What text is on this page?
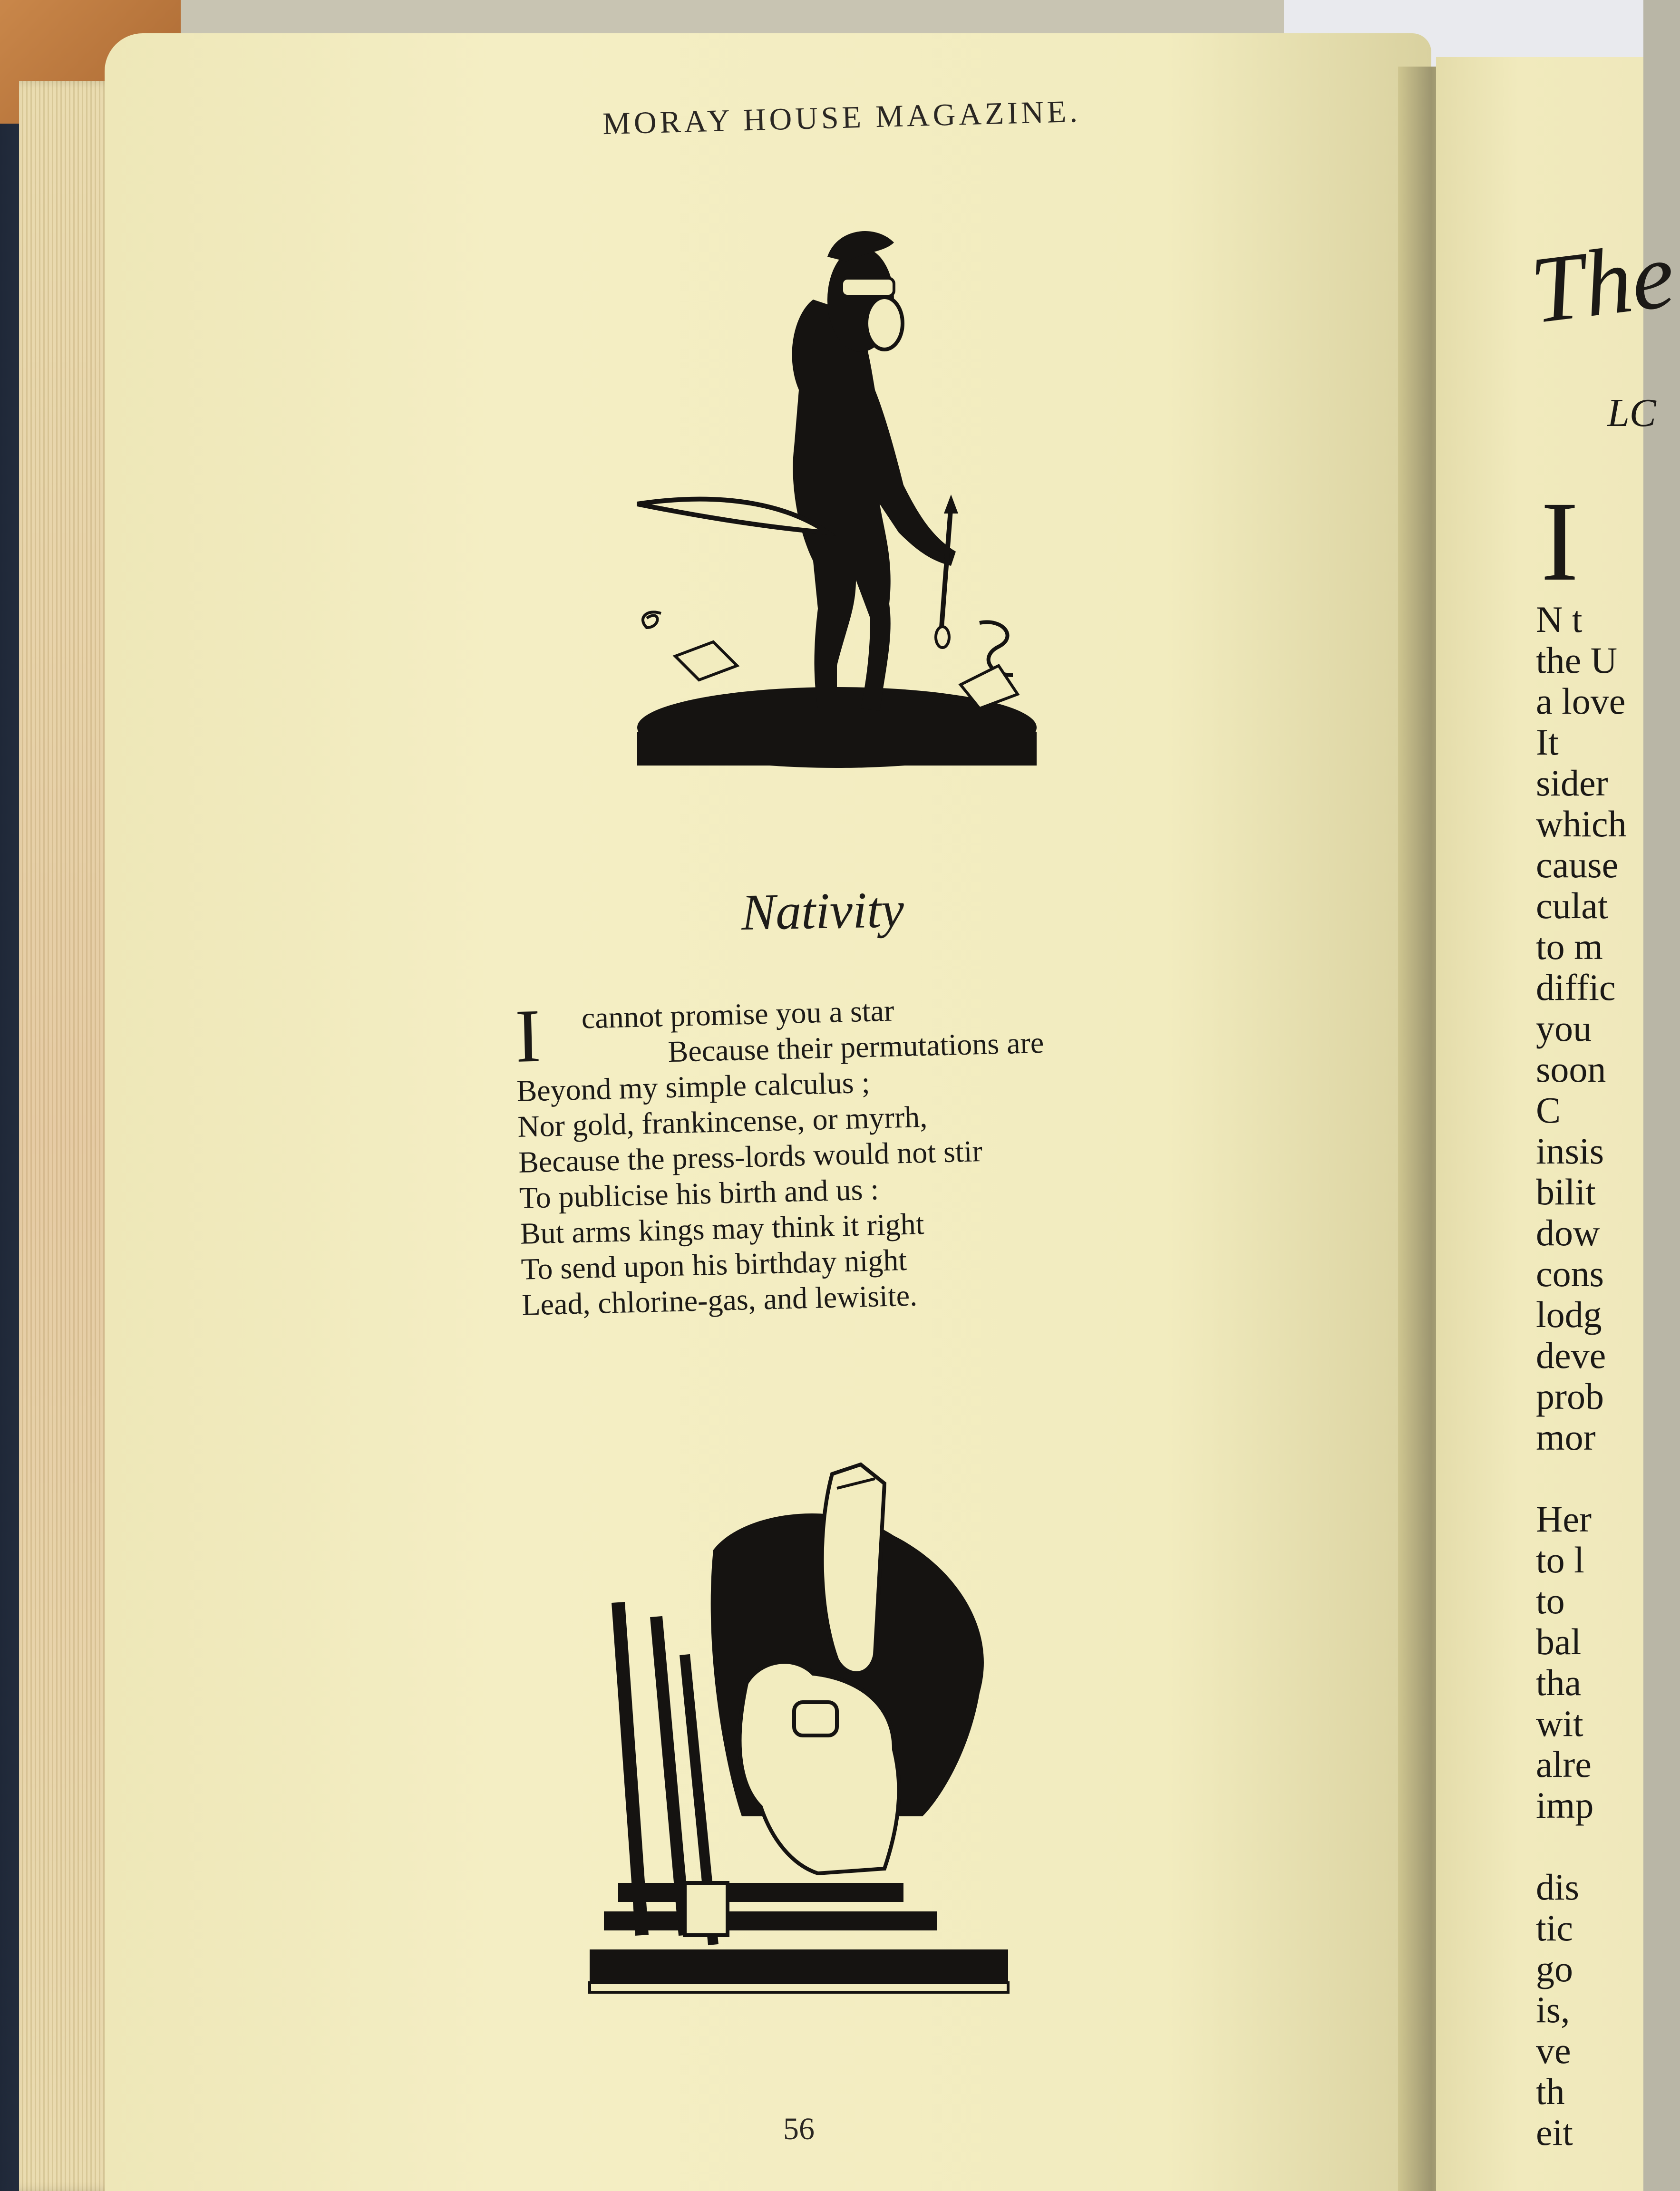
MORAY HOUSE MAGAZINE.
Nativity
I	cannot promise you a star
Because their permutations are
Beyond my simple calculus ;
Nor gold, frankincense, or myrrh,
Because the press-lords would not stir
To publicise his birth and us :
But arms kings may think it right
To send upon his birthday night
Lead, chlorine-gas, and lewisite.
56
The
LC
I
N t
the U
a love
It
sider
which
cause
culat
to m
diffic
you
soon
C
insis
bilit
dow
cons
lodg
deve
prob
mor
Her
to l
to
bal
tha
wit
alre
imp
dis
tic
go
is,
ve
th
eit
